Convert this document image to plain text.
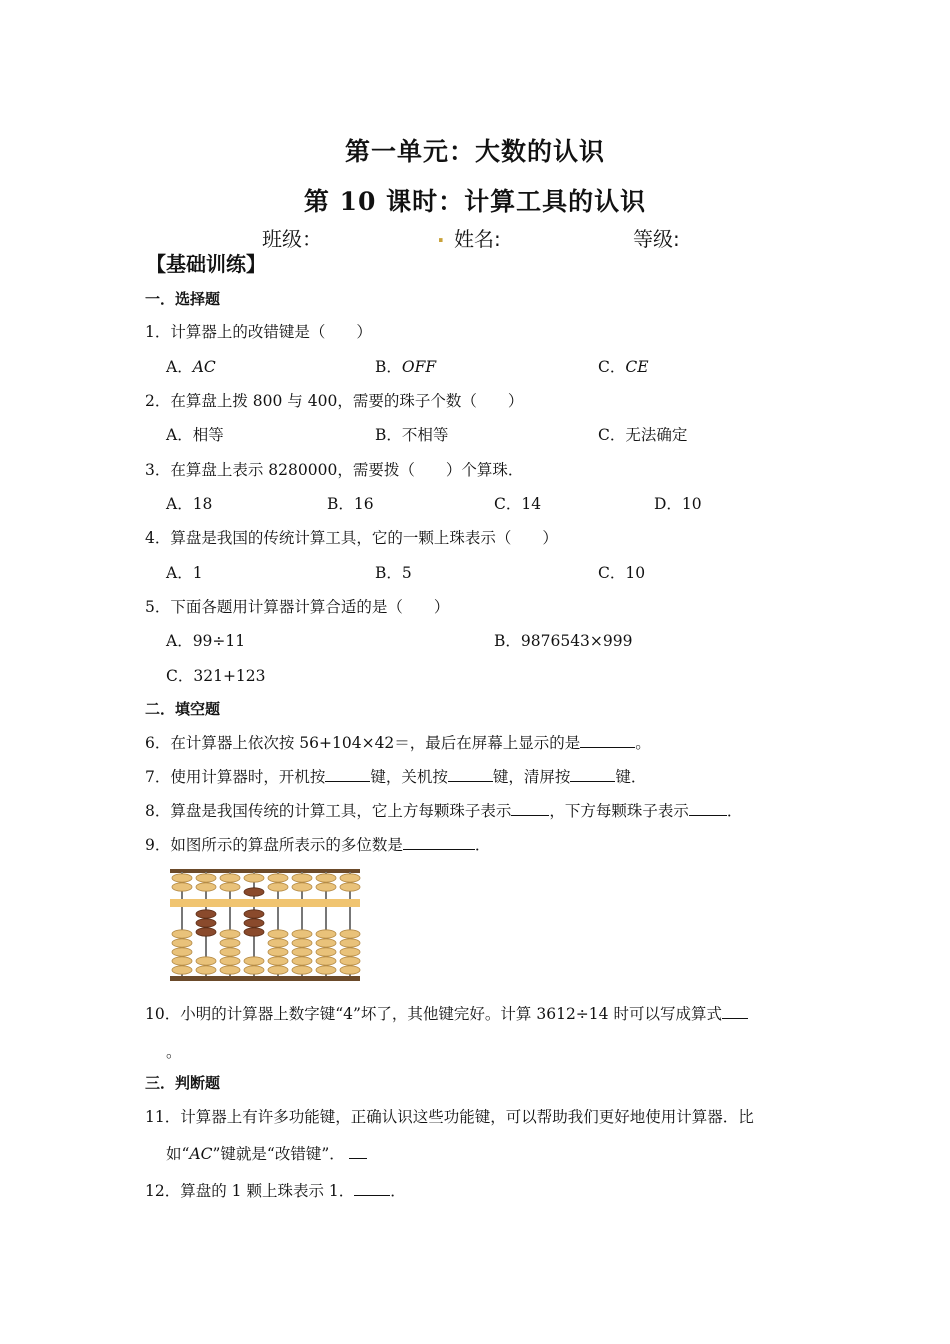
第一单元：大数的认识
第 10 课时：计算工具的认识
班级：	. 姓名:	等级:
【基础训练】
一．选择题
1．计算器上的改错键是（　　）
A．AC	B．OFF	C．CE
2．在算盘上拨 800 与 400，需要的珠子个数（　　）
A．相等	B．不相等	C．无法确定
3．在算盘上表示 8280000，需要拨（　　）个算珠．
A．18	B．16	C．14	D．10
4．算盘是我国的传统计算工具，它的一颗上珠表示（　　）
A．1	B．5	C．10
5．下面各题用计算器计算合适的是（　　）
A．99÷11	B．9876543×999
C．321+123
二．填空题
6．在计算器上依次按 56+104×42＝，最后在屏幕上显示的是	。
7．使用计算器时，开机按	键，关机按	键，清屏按	键．
8．算盘是我国传统的计算工具，它上方每颗珠子表示 ，下方每颗珠子表示 ．
9．如图所示的算盘所表示的多位数是	．
10．小明的计算器上数字键“4”坏了，其他键完好。计算 3612÷14 时可以写成算式
。
三．判断题
11．计算器上有许多功能键，正确认识这些功能键，可以帮助我们更好地使用计算器．比
如“AC”键就是“改错键”．
12．算盘的 1 颗上珠表示 1． ．
